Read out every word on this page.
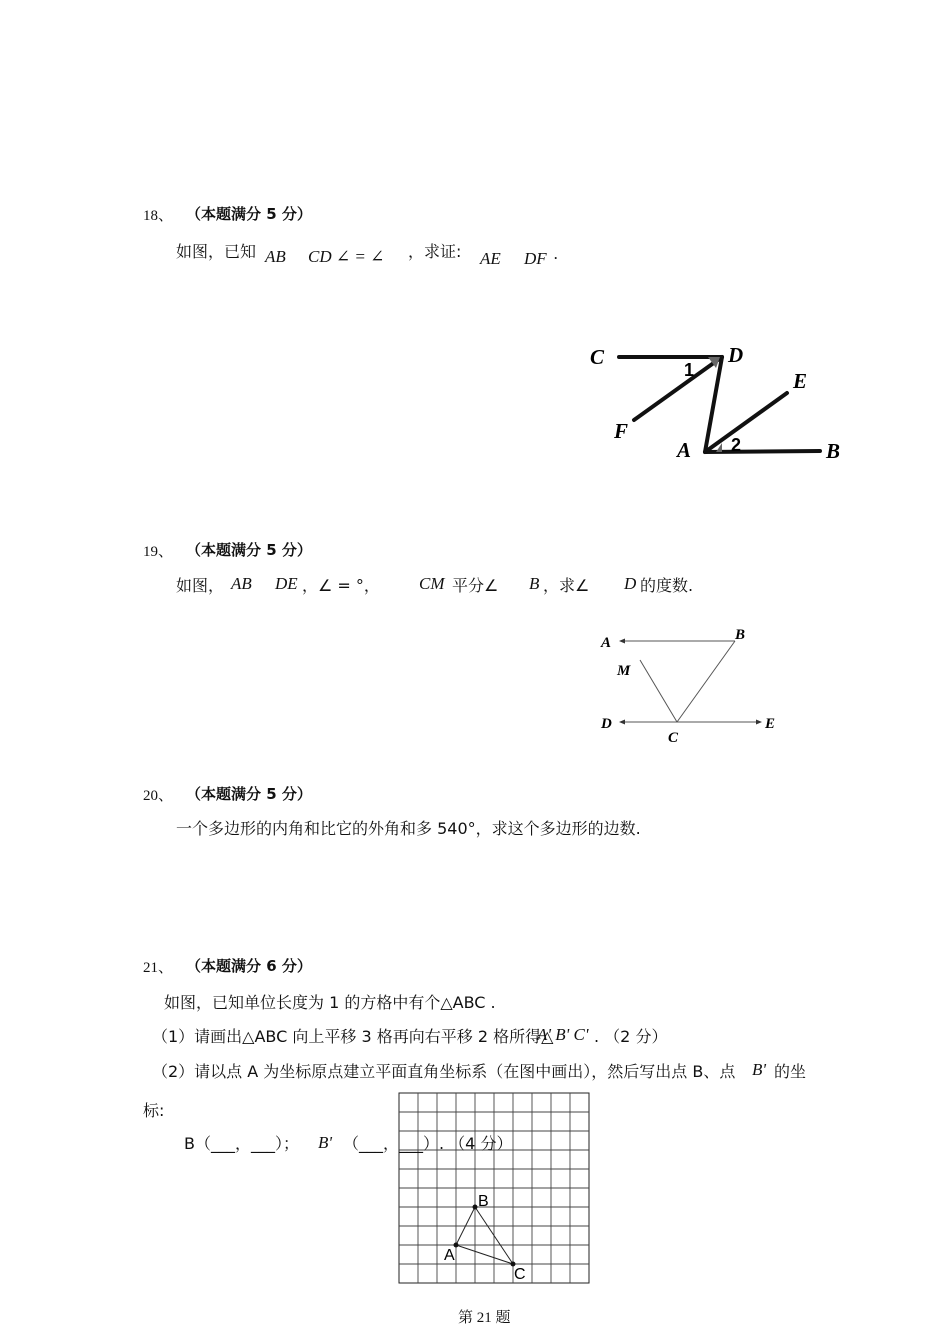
18、 （本题满分 5 分）
如图，已知 AB CD ∠ = ∠ ，求证: AE DF .
C	D
E
F
A	B
1
2
19、 （本题满分 5 分）
如图， AB DE ，∠ = °， CM 平分∠ B ，求∠ D 的度数.
A	B
M
D
C
E
20、 （本题满分 5 分）
一个多边形的内角和比它的外角和多 540°，求这个多边形的边数.
21、 （本题满分 6 分）
如图，已知单位长度为 1 的方格中有个△ABC .
（1）请画出△ABC 向上平移 3 格再向右平移 2 格所得△
A' B' C' . （2 分）
（2）请以点 A 为坐标原点建立平面直角坐标系（在图中画出），然后写出点 B、点 B' 的坐
标:
B
A
C
B（___，___）； B' （___，___）. （4 分）
第 21 题
